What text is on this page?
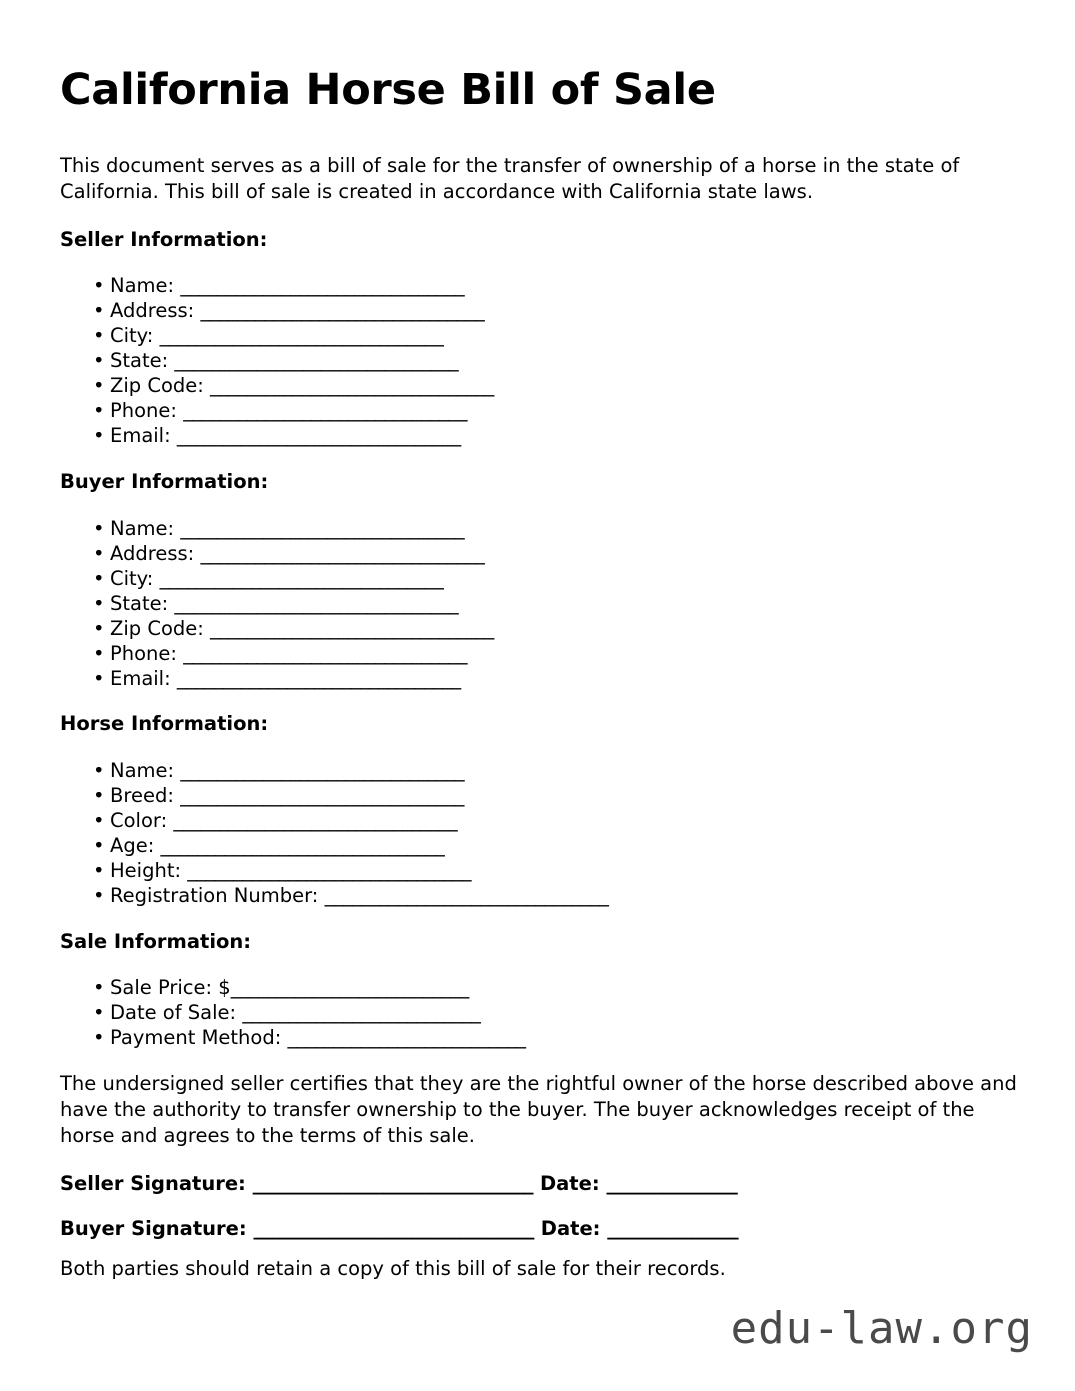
California Horse Bill of Sale

This document serves as a bill of sale for the transfer of ownership of a horse in the state of California. This bill of sale is created in accordance with California state laws.

Seller Information:
• Name: _______________________________
• Address: _______________________________
• City: _______________________________
• State: _______________________________
• Zip Code: _______________________________
• Phone: _______________________________
• Email: _______________________________
Buyer Information:
• Name: _______________________________
• Address: _______________________________
• City: _______________________________
• State: _______________________________
• Zip Code: _______________________________
• Phone: _______________________________
• Email: _______________________________
Horse Information:
• Name: _______________________________
• Breed: _______________________________
• Color: _______________________________
• Age: _______________________________
• Height: _______________________________
• Registration Number: _______________________________
Sale Information:
• Sale Price: $__________________________
• Date of Sale: __________________________
• Payment Method: __________________________

The undersigned seller certifies that they are the rightful owner of the horse described above and have the authority to transfer ownership to the buyer. The buyer acknowledges receipt of the horse and agrees to the terms of this sale.

Seller Signature: ______________________________ Date: ______________
Buyer Signature: ______________________________ Date: ______________

Both parties should retain a copy of this bill of sale for their records.

edu-law.org
